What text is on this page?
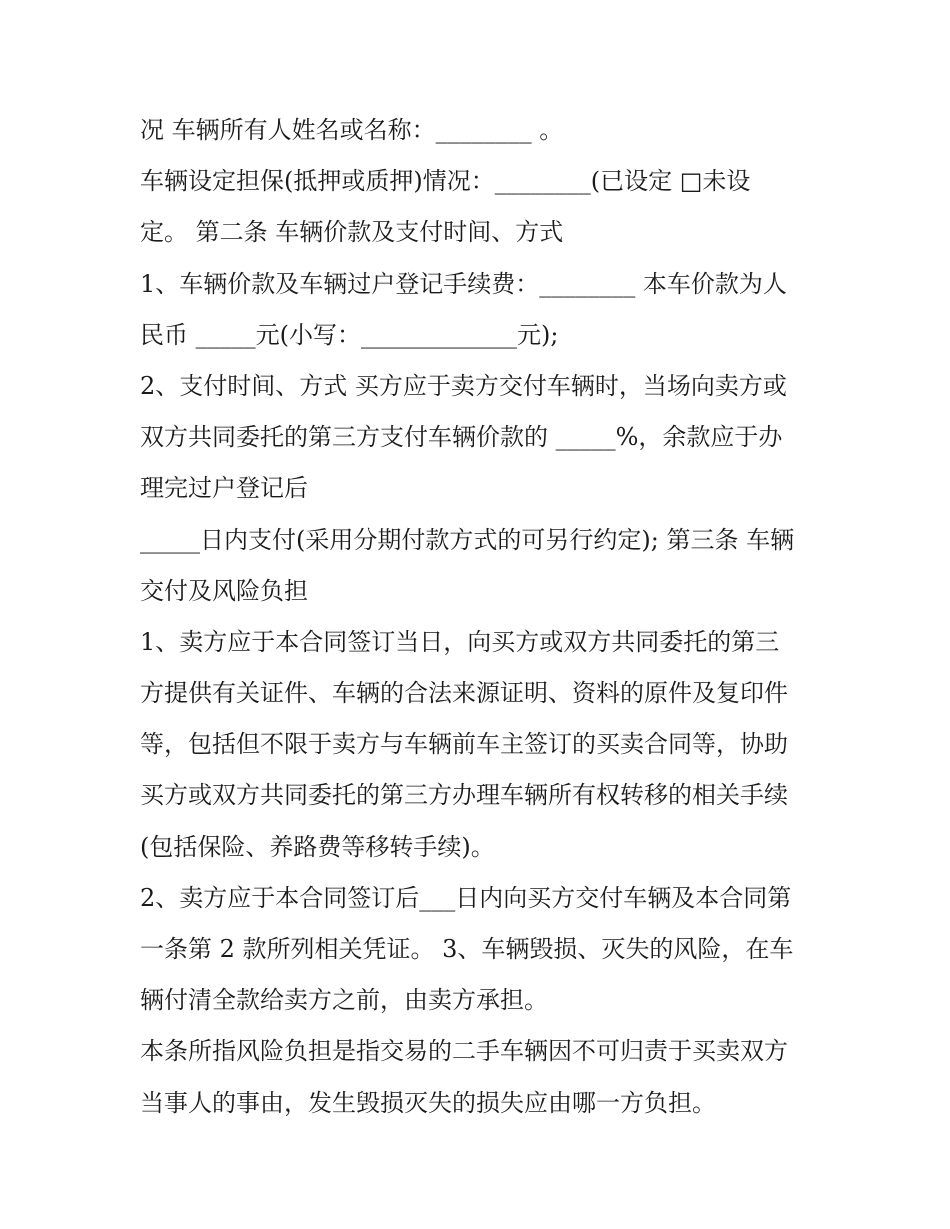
况 车辆所有人姓名或名称：________ 。
车辆设定担保(抵押或质押)情况：________(已设定 □未设
定。 第二条 车辆价款及支付时间、方式
1、车辆价款及车辆过户登记手续费：________ 本车价款为人
民币 _____元(小写：_____________元);
2、支付时间、方式 买方应于卖方交付车辆时，当场向卖方或
双方共同委托的第三方支付车辆价款的 _____%，余款应于办
理完过户登记后
_____日内支付(采用分期付款方式的可另行约定); 第三条 车辆
交付及风险负担
1、卖方应于本合同签订当日，向买方或双方共同委托的第三
方提供有关证件、车辆的合法来源证明、资料的原件及复印件
等，包括但不限于卖方与车辆前车主签订的买卖合同等，协助
买方或双方共同委托的第三方办理车辆所有权转移的相关手续
(包括保险、养路费等移转手续)。
2、卖方应于本合同签订后___日内向买方交付车辆及本合同第
一条第 2 款所列相关凭证。 3、车辆毁损、灭失的风险，在车
辆付清全款给卖方之前，由卖方承担。
本条所指风险负担是指交易的二手车辆因不可归责于买卖双方
当事人的事由，发生毁损灭失的损失应由哪一方负担。
